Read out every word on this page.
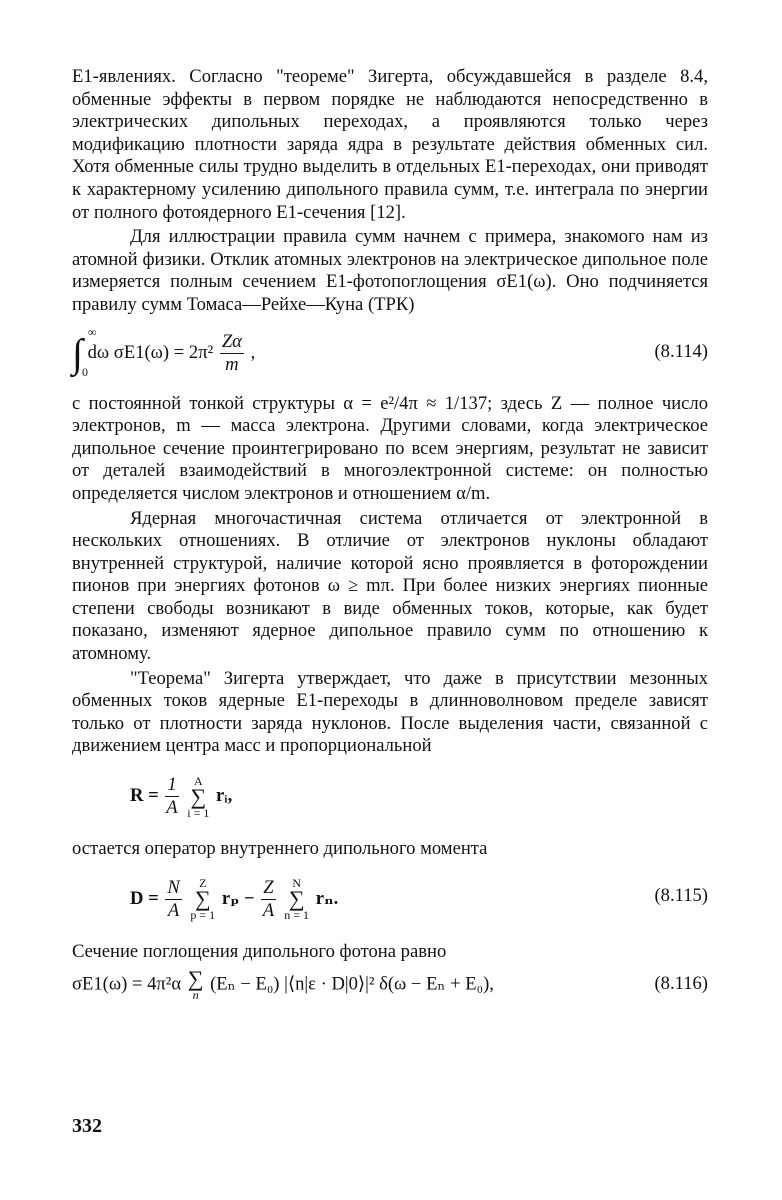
Е1-явлениях. Согласно "теореме" Зигерта, обсуждавшейся в разделе 8.4, обменные эффекты в первом порядке не наблюдаются непосредственно в электрических дипольных переходах, а проявляются только через модификацию плотности заряда ядра в результате действия обменных сил. Хотя обменные силы трудно выделить в отдельных Е1-переходах, они приводят к характерному усилению дипольного правила сумм, т.е. интеграла по энергии от полного фотоядерного Е1-сечения [12].

Для иллюстрации правила сумм начнем с примера, знакомого нам из атомной физики. Отклик атомных электронов на электрическое дипольное поле измеряется полным сечением Е1-фотопоглощения σE1(ω). Оно подчиняется правилу сумм Томаса—Рейхе—Куна (ТРК)

∫ ∞
0
dω $\sigma E1(\omega) = 2\pi^2 \frac{Z\alpha}{m}$ ,	(8.114)

с постоянной тонкой структуры α = e²/4π ≈ 1/137; здесь Z — полное число электронов, m — масса электрона. Другими словами, когда электрическое дипольное сечение проинтегрировано по всем энергиям, результат не зависит от деталей взаимодействий в многоэлектронной системе: он полностью определяется числом электронов и отношением α/m.

Ядерная многочастичная система отличается от электронной в нескольких отношениях. В отличие от электронов нуклоны обладают внутренней структурой, наличие которой ясно проявляется в фоторождении пионов при энергиях фотонов ω ≥ mπ. При более низких энергиях пионные степени свободы возникают в виде обменных токов, которые, как будет показано, изменяют ядерное дипольное правило сумм по отношению к атомному.

"Теорема" Зигерта утверждает, что даже в присутствии мезонных обменных токов ядерные Е1-переходы в длинноволновом пределе зависят только от плотности заряда нуклонов. После выделения части, связанной с движением центра масс и пропорциональной

$R = \frac{1}{A}$ A
∑
i = 1 rᵢ,

остается оператор внутреннего дипольного момента

$D = \frac{N}{A}$ Z
∑
p = 1 $r_p - \frac{Z}{A}$ N
∑
n = 1 rₙ.	(8.115)

Сечение поглощения дипольного фотона равно

σE1(ω) = 4π²α ∑
n (Eₙ − E₀) |⟨n|ε · D|0⟩|² δ(ω − Eₙ + E₀),	(8.116)
332
